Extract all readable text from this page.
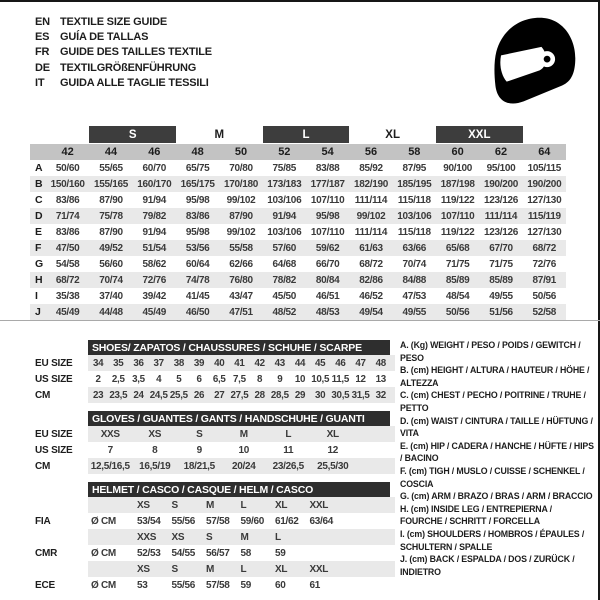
EN TEXTILE SIZE GUIDE
ES GUÍA DE TALLAS
FR GUIDE DES TAILLES TEXTILE
DE TEXTILGRÖßENFÜHRUNG
IT	GUIDA ALLE TAGLIE TESSILI
S	M	L	XL	XXL
42	44	46	48	50	52	54	56	58	60	62	64
A	50/60	55/65	60/70	65/75	70/80	75/85	83/88	85/92	87/95	90/100	95/100	105/115
B 150/160 155/165 160/170 165/175 170/180 173/183 177/187 182/190 185/195 187/198 190/200 190/200
C	83/86	87/90	91/94	95/98	99/102	103/106 107/110	111/114	115/118	119/122 123/126 127/130
D	71/74	75/78	79/82	83/86	87/90	91/94	95/98	99/102	103/106 107/110	111/114	115/119
E	83/86	87/90	91/94	95/98	99/102	103/106 107/110	111/114	115/118	119/122 123/126 127/130
F	47/50	49/52	51/54	53/56	55/58	57/60	59/62	61/63	63/66	65/68	67/70	68/72
G	54/58	56/60	58/62	60/64	62/66	64/68	66/70	68/72	70/74	71/75	71/75	72/76
H	68/72	70/74	72/76	74/78	76/80	78/82	80/84	82/86	84/88	85/89	85/89	87/91
I	35/38	37/40	39/42	41/45	43/47	45/50	46/51	46/52	47/53	48/54	49/55	50/56
J	45/49	44/48	45/49	46/50	47/51	48/52	48/53	49/54	49/55	50/56	51/56	52/58
SHOES/ ZAPATOS / CHAUSSURES / SCHUHE / SCARPE
EU SIZE	34	35	36	37	38	39	40	41	42	43	44	45	46	47	48
US SIZE	2	2,5 3,5	4	5	6	6,5 7,5	8	9	10 10,5 11,5 12	13
CM	23 23,5 24 24,5 25,5 26	27 27,5 28 28,5 29	30 30,5 31,5 32
GLOVES / GUANTES / GANTS / HANDSCHUHE / GUANTI
EU SIZE	XXS	XS	S	M	L	XL
US SIZE	7	8	9	10	11	12
CM	12,5/16,5 16,5/19	18/21,5	20/24	23/26,5	25,5/30
HELMET / CASCO / CASQUE / HELM / CASCO
XS	S	M	L	XL	XXL
FIA	Ø CM	53/54	55/56	57/58	59/60	61/62	63/64
XXS	XS	S	M	L
CMR	Ø CM	52/53	54/55	56/57	58	59
XS	S	M	L	XL	XXL
ECE	Ø CM	53	55/56	57/58	59	60	61
A. (Kg) WEIGHT / PESO / POIDS / GEWITCH / PESO
B. (cm) HEIGHT / ALTURA / HAUTEUR / HÖHE / ALTEZZA
C. (cm) CHEST / PECHO / POITRINE / TRUHE / PETTO
D. (cm) WAIST / CINTURA / TAILLE / HÜFTUNG / VITA
E. (cm) HIP / CADERA / HANCHE / HÜFTE / HIPS / BACINO
F. (cm) TIGH / MUSLO / CUISSE / SCHENKEL / COSCIA
G. (cm) ARM / BRAZO / BRAS / ARM / BRACCIO
H. (cm) INSIDE LEG / ENTREPIERNA / FOURCHE / SCHRITT / FORCELLA
I. (cm) SHOULDERS / HOMBROS / ÉPAULES / SCHULTERN / SPALLE
J. (cm) BACK / ESPALDA / DOS / ZURÜCK / INDIETRO
